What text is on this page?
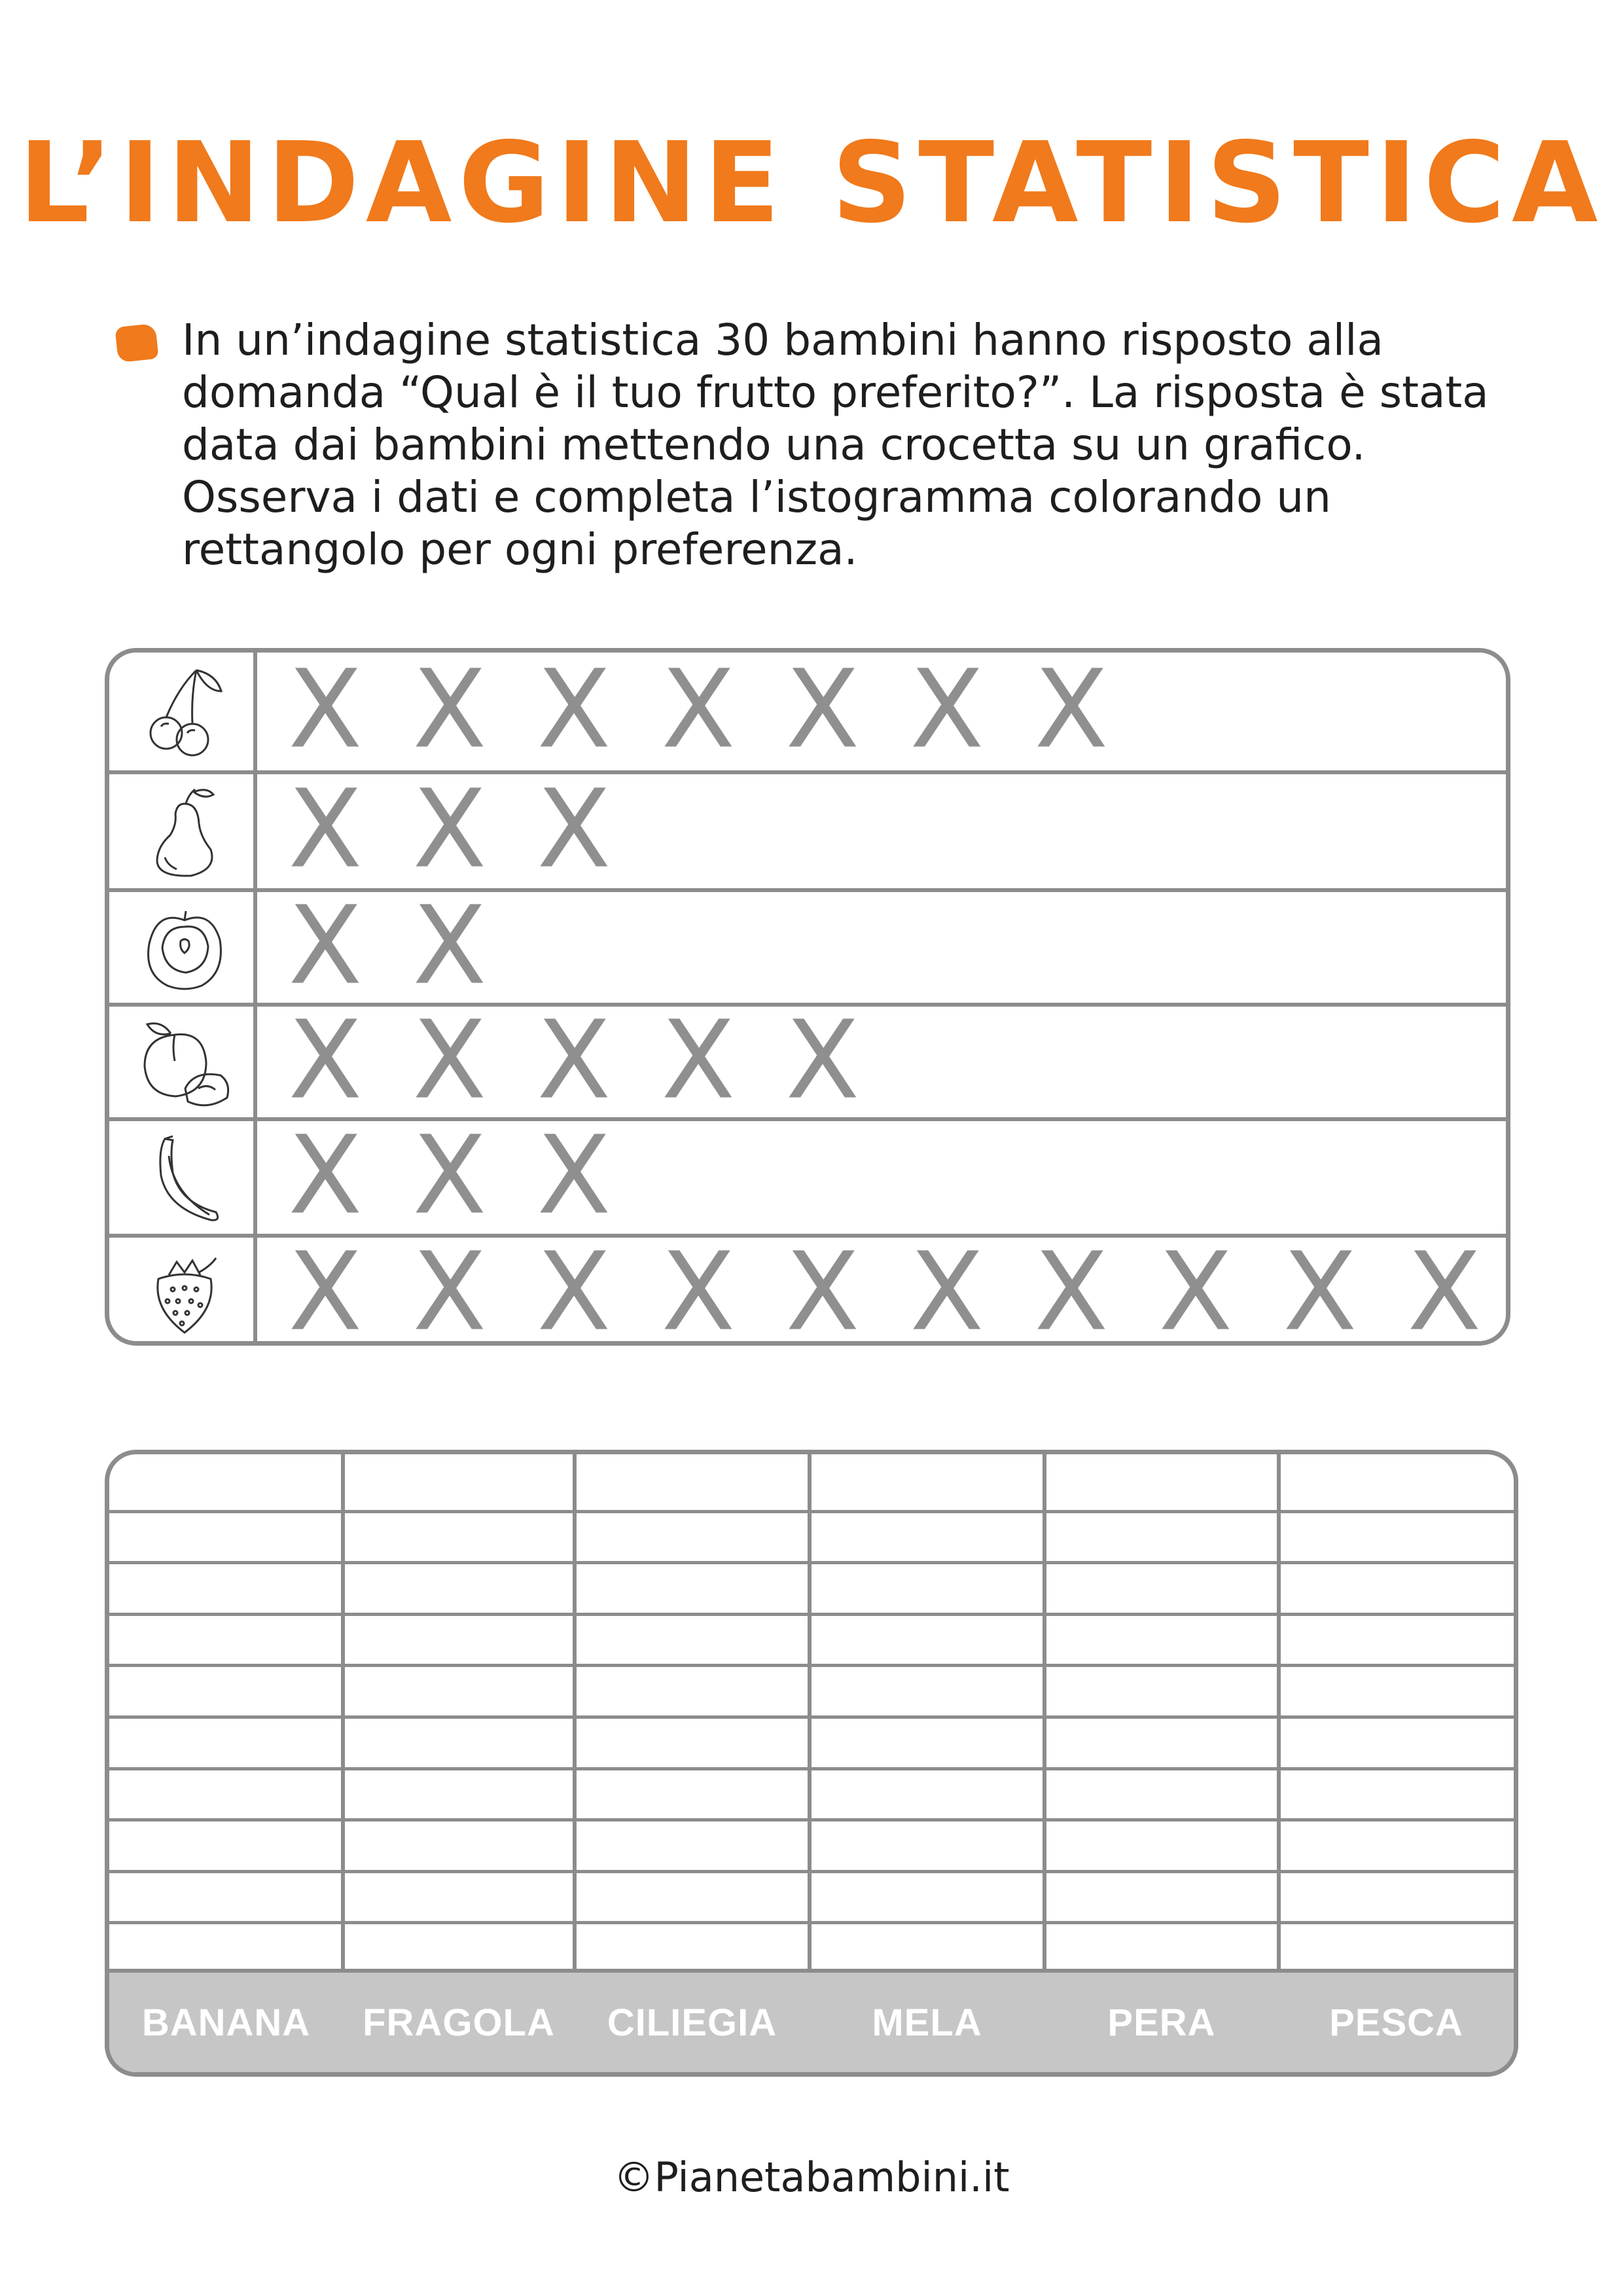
L’INDAGINE STATISTICA
In un’indagine statistica 30 bambini hanno risposto alla
domanda “Qual è il tuo frutto preferito?”. La risposta è stata
data dai bambini mettendo una crocetta su un grafico.
Osserva i dati e completa l’istogramma colorando un
rettangolo per ogni preferenza.
X X X X X X X
X X X
X X
X X X X X
X X X
X X X X X X X X X X
BANANA	FRAGOLA	CILIEGIA	MELA	PERA	PESCA
©Pianetabambini.it
